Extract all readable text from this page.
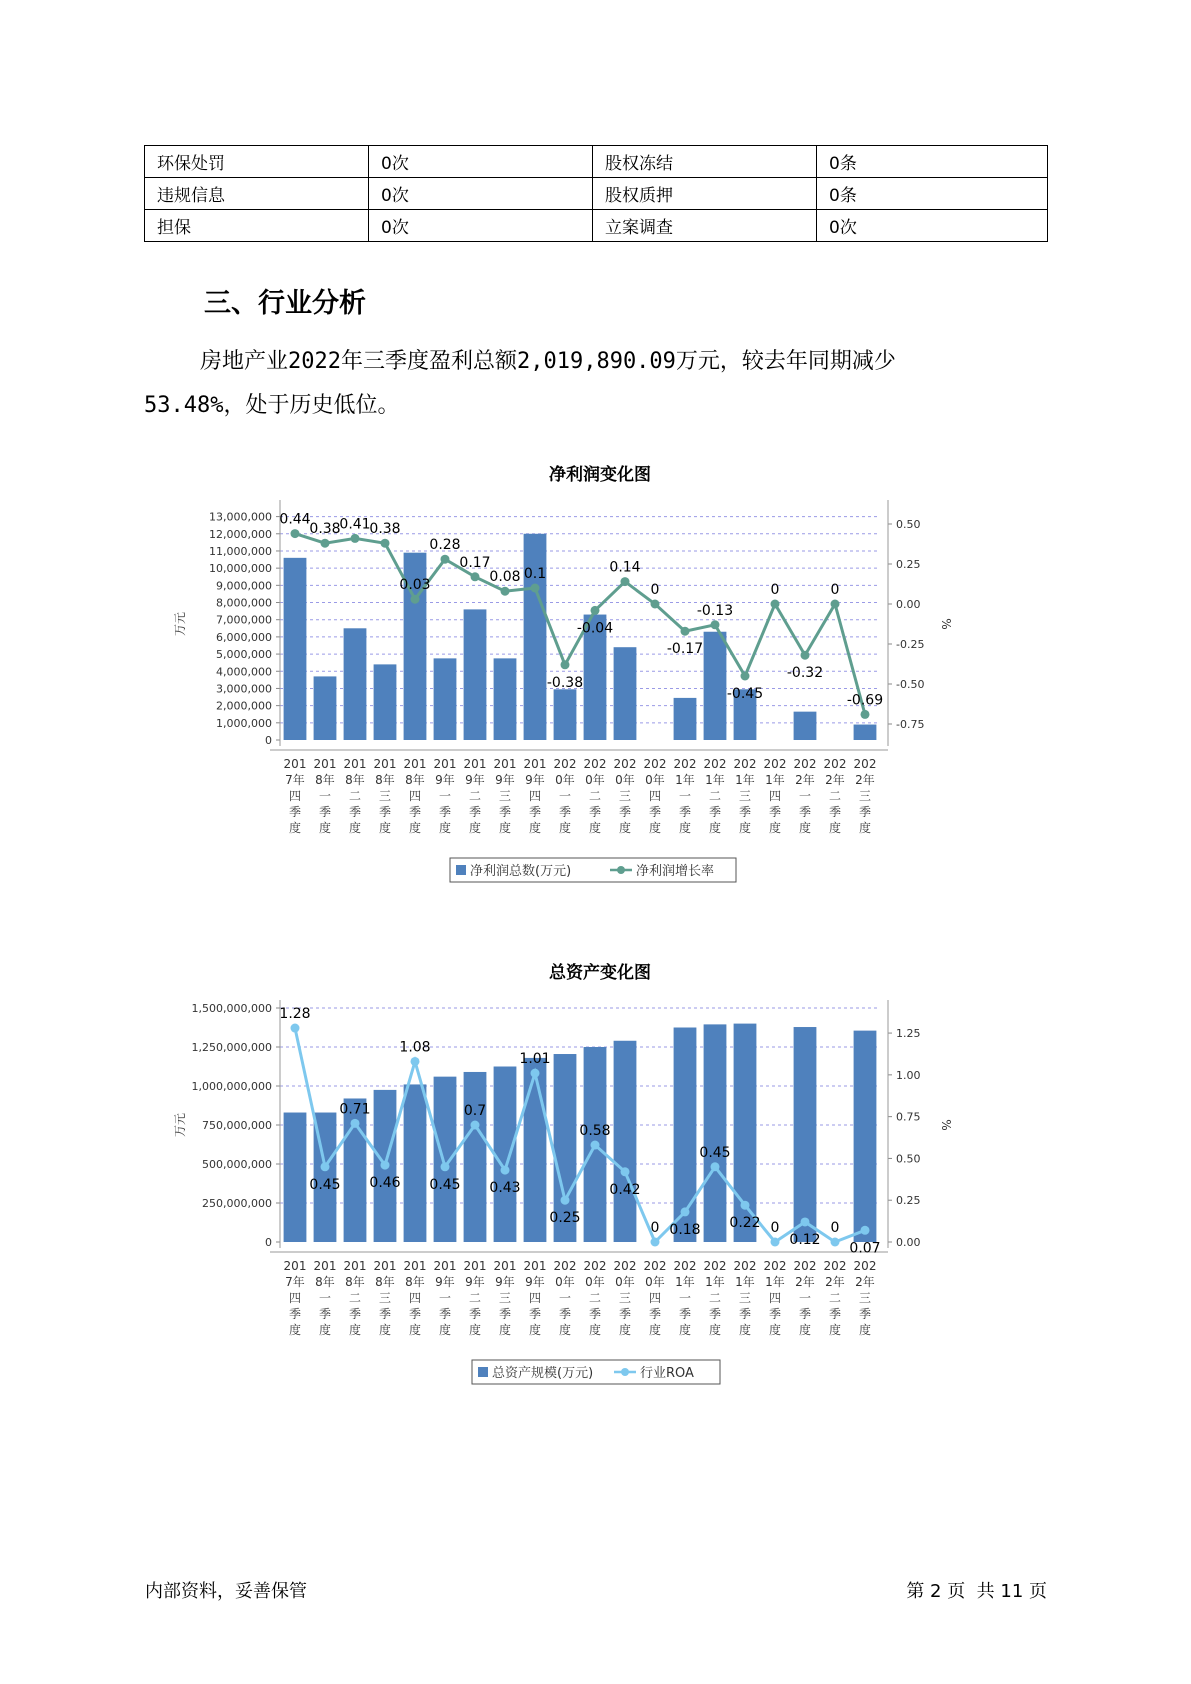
环保处罚	0次	股权冻结	0条
违规信息	0次	股权质押	0条
担保	0次	立案调查	0次
三、行业分析
房地产业2022年三季度盈利总额2,019,890.09万元，较去年同期减少
53.48%，处于历史低位。
净利润变化图
0
1,000,000
2,000,000
3,000,000
4,000,000
5,000,000
6,000,000
7,000,000
8,000,000
9,000,000
10,000,000
11,000,000
12,000,000
13,000,000
-0.75
-0.50
-0.25
0.00
0.25
0.50
万元	%
0.44
0.38
0.41
0.38
0.03
0.28
0.17
0.08 0.1
-0.38
-0.04
0.14
0
-0.17
-0.13
-0.45
0
-0.32
0
-0.69
201
7年
四
季
度
201
8年
一
季
度
201
8年
二
季
度
201
8年
三
季
度
201
8年
四
季
度
201
9年
一
季
度
201
9年
二
季
度
201
9年
三
季
度
201
9年
四
季
度
202
0年
一
季
度
202
0年
二
季
度
202
0年
三
季
度
202
0年
四
季
度
202
1年
一
季
度
202
1年
二
季
度
202
1年
三
季
度
202
1年
四
季
度
202
2年
一
季
度
202
2年
二
季
度
202
2年
三
季
度
净利润总数(万元)	净利润增长率
总资产变化图
0
250,000,000
500,000,000
750,000,000
1,000,000,000
1,250,000,000
1,500,000,000
0.00
0.25
0.50
0.75
1.00
1.25
万元	%
1.28
0.45
0.71
0.46
1.08
0.45
0.7
0.43
1.01
0.25
0.58
0.42
0 0.18
0.45
0.22 0
0.12
0
0.07
201
7年
四
季
度
201
8年
一
季
度
201
8年
二
季
度
201
8年
三
季
度
201
8年
四
季
度
201
9年
一
季
度
201
9年
二
季
度
201
9年
三
季
度
201
9年
四
季
度
202
0年
一
季
度
202
0年
二
季
度
202
0年
三
季
度
202
0年
四
季
度
202
1年
一
季
度
202
1年
二
季
度
202
1年
三
季
度
202
1年
四
季
度
202
2年
一
季
度
202
2年
二
季
度
202
2年
三
季
度
总资产规模(万元)	行业ROA
内部资料，妥善保管	第 2 页  共 11 页
